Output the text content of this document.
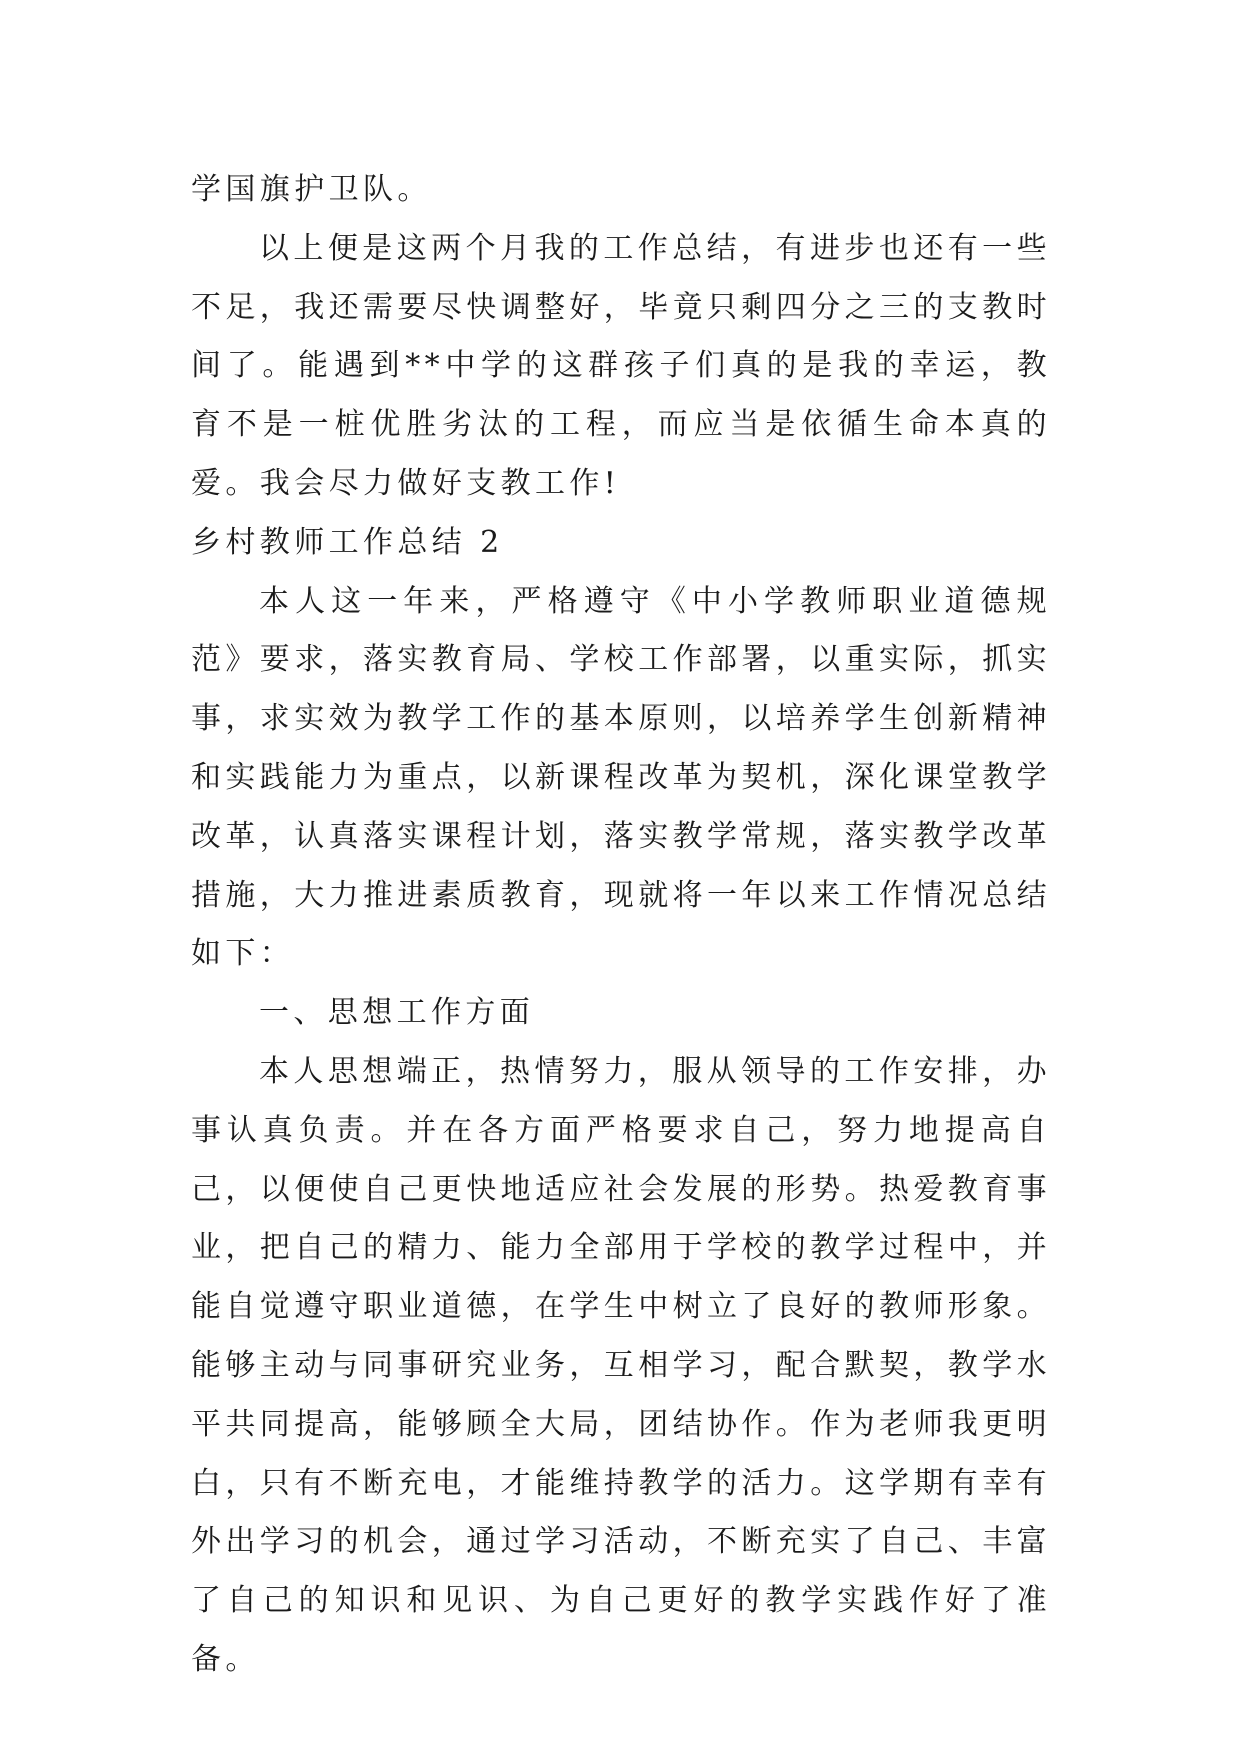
学国旗护卫队。

以上便是这两个月我的工作总结，有进步也还有一些不足，我还需要尽快调整好，毕竟只剩四分之三的支教时间了。能遇到**中学的这群孩子们真的是我的幸运，教育不是一桩优胜劣汰的工程，而应当是依循生命本真的爱。我会尽力做好支教工作!

乡村教师工作总结 2

本人这一年来，严格遵守《中小学教师职业道德规范》要求，落实教育局、学校工作部署，以重实际，抓实事，求实效为教学工作的基本原则，以培养学生创新精神和实践能力为重点，以新课程改革为契机，深化课堂教学改革，认真落实课程计划，落实教学常规，落实教学改革措施，大力推进素质教育，现就将一年以来工作情况总结如下：

一、思想工作方面

本人思想端正，热情努力，服从领导的工作安排，办事认真负责。并在各方面严格要求自己，努力地提高自己，以便使自己更快地适应社会发展的形势。热爱教育事业，把自己的精力、能力全部用于学校的教学过程中，并能自觉遵守职业道德，在学生中树立了良好的教师形象。能够主动与同事研究业务，互相学习，配合默契，教学水平共同提高，能够顾全大局，团结协作。作为老师我更明白，只有不断充电，才能维持教学的活力。这学期有幸有外出学习的机会，通过学习活动，不断充实了自己、丰富了自己的知识和见识、为自己更好的教学实践作好了准备。
